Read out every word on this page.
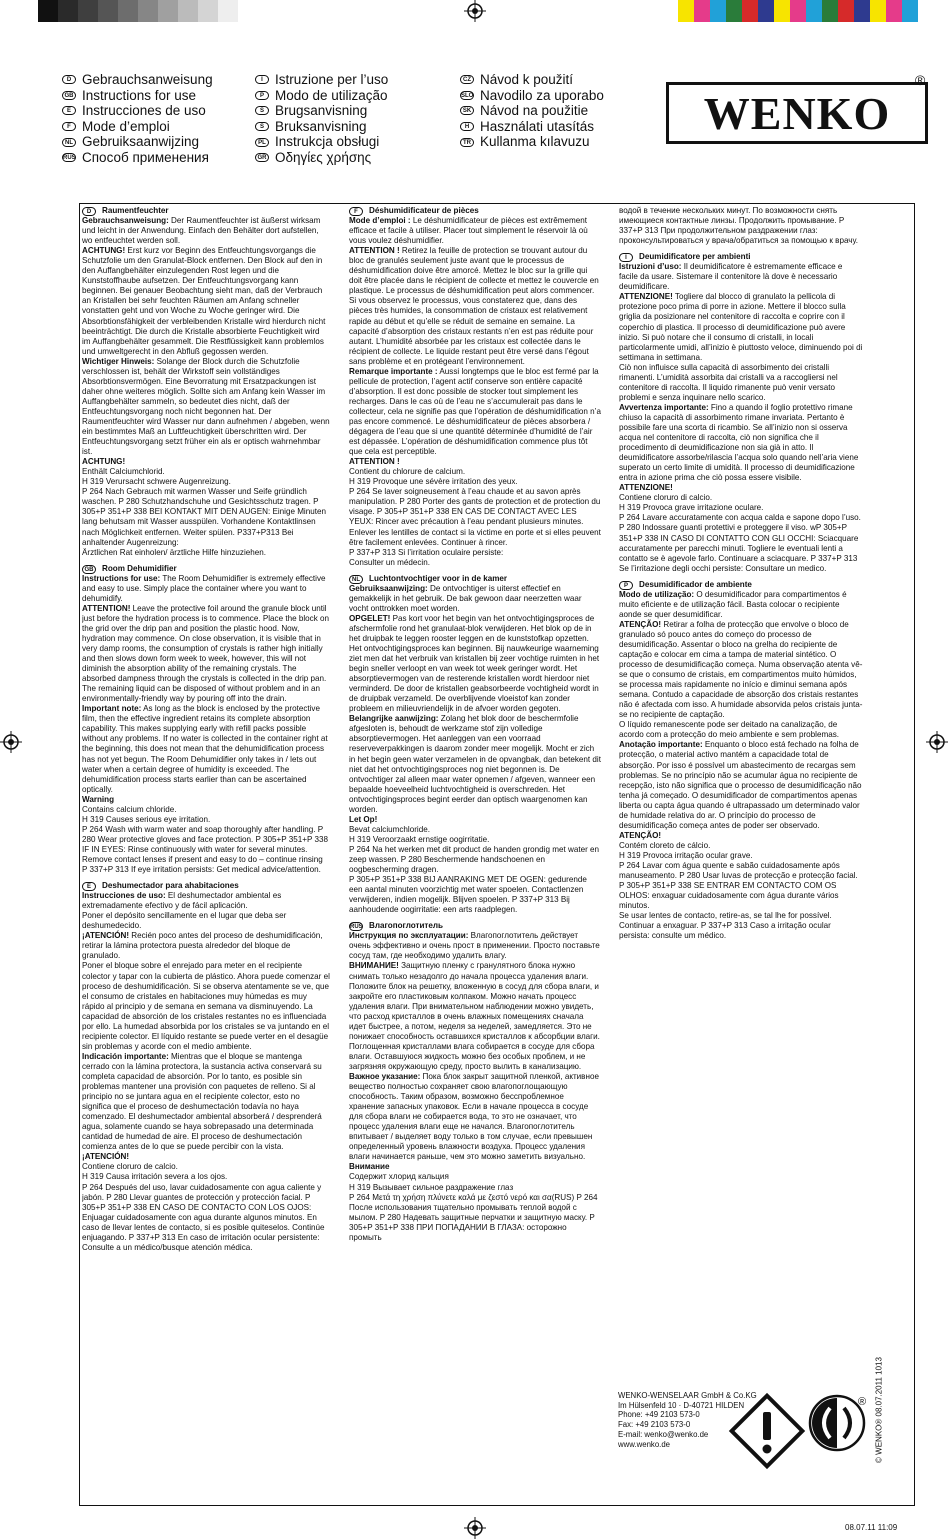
D Gebrauchsanweisung
GB Instructions for use
E Instrucciones de uso
F Mode d’emploi
NL Gebruiksaanwijzing
RUS Способ применения
I Istruzione per l’uso
P Modo de utilização
S Brugsanvisning
S Bruksanvisning
PL Instrukcja obsługi
GR Οδηγίες χρήσης
CZ Návod k použití
SLO Navodilo za uporabo
SK Návod na použitie
H Használati utasítás
TR Kullanma kılavuzu
WENKO
®
D Raumentfeuchter
Gebrauchsanweisung: Der Raumentfeuchter ist äußerst wirksam und leicht in der Anwendung. Einfach den Behälter dort aufstellen, wo entfeuchtet werden soll.
ACHTUNG! Erst kurz vor Beginn des Entfeuchtungsvorgangs die Schutzfolie um den Granulat-Block entfernen. Den Block auf den in den Auffangbehälter einzulegenden Rost legen und die Kunststoffhaube aufsetzen. Der Entfeuchtungsvorgang kann beginnen. Bei genauer Beobachtung sieht man, daß der Verbrauch an Kristallen bei sehr feuchten Räumen am Anfang schneller vonstatten geht und von Woche zu Woche geringer wird. Die Absorbtionsfähigkeit der verbleibenden Kristalle wird hierdurch nicht beeinträchtigt. Die durch die Kristalle absorbierte Feuchtigkeit wird im Auffangbehälter gesammelt. Die Restflüssigkeit kann problemlos und umweltgerecht in den Abfluß gegossen werden.
Wichtiger Hinweis: Solange der Block durch die Schutzfolie verschlossen ist, behält der Wirkstoff sein vollständiges Absorbtionsvermögen. Eine Bevorratung mit Ersatzpackungen ist daher ohne weiteres möglich. Sollte sich am Anfang kein Wasser im Auffangbehälter sammeln, so bedeutet dies nicht, daß der Entfeuchtungsvorgang noch nicht begonnen hat. Der Raumentfeuchter wird Wasser nur dann aufnehmen / abgeben, wenn ein bestimmtes Maß an Luftfeuchtigkeit überschritten wird. Der Entfeuchtungsvorgang setzt früher ein als er optisch wahrnehmbar ist.
ACHTUNG!
Enthält Calciumchlorid.
H 319 Verursacht schwere Augenreizung.
P 264 Nach Gebrauch mit warmen Wasser und Seife gründlich waschen. P 280 Schutzhandschuhe und Gesichtsschutz tragen. P 305+P 351+P 338 BEI KONTAKT MIT DEN AUGEN: Einige Minuten lang behutsam mit Wasser ausspülen. Vorhandene Kontaktlinsen nach Möglichkeit entfernen. Weiter spülen. P337+P313 Bei anhaltender Augenreizung:
Ärztlichen Rat einholen/ ärztliche Hilfe hinzuziehen.
GB Room Dehumidifier
Instructions for use: The Room Dehumidifier is extremely effective and easy to use. Simply place the container where you want to dehumidify.
ATTENTION! Leave the protective foil around the granule block until just before the hydration process is to commence. Place the block on the grid over the drip pan and position the plastic hood. Now, hydration may commence. On close observation, it is visible that in very damp rooms, the consumption of crystals is rather high initially and then slows down form week to week, however, this will not diminish the absorption ability of the remaining crystals. The absorbed dampness through the crystals is collected in the drip pan. The remaining liquid can be disposed of without problem and in an environmentally-friendly way by pouring off into the drain.
Important note: As long as the block is enclosed by the protective film, then the effective ingredient retains its complete absorption capability. This makes supplying early with refill packs possible without any problems. If no water is collected in the container right at the beginning, this does not mean that the dehumidification process has not yet begun. The Room Dehumidifier only takes in / lets out water when a certain degree of humidity is exceeded. The dehumidification process starts earlier than can be ascertained optically.
Warning
Contains calcium chloride.
H 319 Causes serious eye irritation.
P 264 Wash with warm water and soap thoroughly after handling. P 280 Wear protective gloves and face protection. P 305+P 351+P 338 IF IN EYES: Rinse continuously with water for several minutes.
Remove contact lenses if present and easy to do – continue rinsing P 337+P 313 If eye irritation persists: Get medical advice/attention.
E Deshumectador para ahabitaciones
Instrucciones de uso: El deshumectador ambiental es extremadamente efectivo y de fácil aplicación.
Poner el depósito sencillamente en el lugar que deba ser deshumedecido.
¡ATENCIÓN! Recién poco antes del proceso de deshumidificación, retirar la lámina protectora puesta alrededor del bloque de granulado.
Poner el bloque sobre el enrejado para meter en el recipiente colector y tapar con la cubierta de plástico. Ahora puede comenzar el proceso de deshumidificación. Si se observa atentamente se ve, que el consumo de cristales en habitaciones muy húmedas es muy rápido al principio y de semana en semana va disminuyendo. La capacidad de absorción de los cristales restantes no es influenciada por ello. La humedad absorbida por los cristales se va juntando en el recipiente colector. El líquido restante se puede verter en el desagüe sin problemas y acorde con el medio ambiente.
Indicación importante: Mientras que el bloque se mantenga cerrado con la lámina protectora, la sustancia activa conservará su completa capacidad de absorción. Por lo tanto, es posible sin problemas mantener una provisión con paquetes de relleno. Si al principio no se juntara agua en el recipiente colector, esto no significa que el proceso de deshumectación todavía no haya comenzado. El deshumectador ambiental absorberá / desprenderá agua, solamente cuando se haya sobrepasado una determinada cantidad de humedad de aire. El proceso de deshumectación comienza antes de lo que se puede percibir con la vista.
¡ATENCIÓN!
Contiene cloruro de calcio.
H 319 Causa irritación severa a los ojos.
P 264 Después del uso, lavar cuidadosamente con agua caliente y jabón. P 280 Llevar guantes de protección y protección facial. P 305+P 351+P 338 EN CASO DE CONTACTO CON LOS OJOS: Enjuagar cuidadosamente con agua durante algunos minutos. En caso de llevar lentes de contacto, si es posible quiteselos. Continúe enjuagando. P 337+P 313 En caso de irritación ocular persistente: Consulte a un médico/busque atención médica.
F Déshumidificateur de pièces
Mode d’emploi : Le déshumidificateur de pièces est extrêmement efficace et facile à utiliser. Placer tout simplement le réservoir là où vous voulez déshumidifier.
ATTENTION ! Retirez la feuille de protection se trouvant autour du bloc de granulés seulement juste avant que le processus de déshumidification doive être amorcé. Mettez le bloc sur la grille qui doit être placée dans le récipient de collecte et mettez le couvercle en plastique. Le processus de déshumidification peut alors commencer. Si vous observez le processus, vous constaterez que, dans des pièces très humides, la consommation de cristaux est relativement rapide au début et qu’elle se réduit de semaine en semaine. La capacité d’absorption des cristaux restants n’en est pas réduite pour autant. L’humidité absorbée par les cristaux est collectée dans le récipient de collecte. Le liquide restant peut être versé dans l’égout sans problème et en protégeant l’environnement.
Remarque importante : Aussi longtemps que le bloc est fermé par la pellicule de protection, l’agent actif conserve son entière capacité d’absorption. Il est donc possible de stocker tout simplement les recharges. Dans le cas où de l’eau ne s’accumulerait pas dans le collecteur, cela ne signifie pas que l’opération de déshumidification n’a pas encore commencé. Le déshumidificateur de pièces absorbera / dégagera de l’eau que si une quantité déterminée d’humidité de l’air est dépassée. L’opération de déshumidification commence plus tôt que cela est perceptible.
ATTENTION !
Contient du chlorure de calcium.
H 319 Provoque une sévère irritation des yeux.
P 264 Se laver soigneusement à l’eau chaude et au savon après manipulation. P 280 Porter des gants de protection et de protection du visage. P 305+P 351+P 338 EN CAS DE CONTACT AVEC LES YEUX: Rincer avec précaution à l’eau pendant plusieurs minutes. Enlever les lentilles de contact si la victime en porte et si elles peuvent être facilement enlevées. Continuer à rincer.
P 337+P 313 Si l’irritation oculaire persiste:
Consulter un médecin.
NL Luchtontvochtiger voor in de kamer
Gebruiksaanwijzing: De ontvochtiger is uiterst effectief en gemakkelijk in het gebruik. De bak gewoon daar neerzetten waar vocht onttrokken moet worden.
OPGELET! Pas kort voor het begin van het ontvochtigingsproces de afschermfolie rond het granulaat-blok verwijderen. Het blok op de in het druipbak te leggen rooster leggen en de kunststofkap opzetten. Het ontvochtigingsproces kan beginnen. Bij nauwkeurige waarneming ziet men dat het verbruik van kristallen bij zeer vochtige ruimten in het begin sneller verloopt en van week tot week geringer wordt. Het absorptievermogen van de resterende kristallen wordt hierdoor niet verminderd. De door de kristallen geabsorbeerde vochtigheid wordt in de druipbak verzameld. De overblijvende vloeistof kan zonder probleem en milieuvriendelijk in de afvoer worden gegoten.
Belangrijke aanwijzing: Zolang het blok door de beschermfolie afgesloten is, behoudt de werkzame stof zijn volledige absorptievermogen. Het aanleggen van een voorraad reserveverpakkingen is daarom zonder meer mogelijk. Mocht er zich in het begin geen water verzamelen in de opvangbak, dan betekent dit niet dat het ontvochtigingsproces nog niet begonnen is. De ontvochtiger zal alleen maar water opnemen / afgeven, wanneer een bepaalde hoeveelheid luchtvochtigheid is overschreden. Het ontvochtigingsproces begint eerder dan optisch waargenomen kan worden.
Let Op!
Bevat calciumchloride.
H 319 Veroorzaakt ernstige oogirritatie.
P 264 Na het werken met dit product de handen grondig met water en zeep wassen. P 280 Beschermende handschoenen en oogbescherming dragen.
P 305+P 351+P 338 BIJ AANRAKING MET DE OGEN: gedurende een aantal minuten voorzichtig met water spoelen. Contactlenzen verwijderen, indien mogelijk. Blijven spoelen. P 337+P 313 Bij aanhoudende oogirritatie: een arts raadplegen.
RUS Влагопоглотитель
Инструкция по эксплуатации: Влагопоглотитель действует очень эффективно и очень прост в применении. Просто поставьте сосуд там, где необходимо удалить влагу.
ВНИМАНИЕ! Защитную пленку с гранулятного блока нужно снимать только незадолго до начала процесса удаления влаги. Положите блок на решетку, вложенную в сосуд для сбора влаги, и закройте его пластиковым колпаком. Можно начать процесс удаления влаги. При внимательном наблюдении можно увидеть, что расход кристаллов в очень влажных помещениях сначала идет быстрее, а потом, неделя за неделей, замедляется. Это не понижает способность оставшихся кристаллов к абсорбции влаги. Поглощенная кристаллами влага собирается в сосуде для сбора влаги. Оставшуюся жидкость можно без особых проблем, и не загрязняя окружающую среду, просто вылить в канализацию.
Важное указание: Пока блок закрыт защитной пленкой, активное вещество полностью сохраняет свою влагопоглощающую способность. Таким образом, возможно бесспроблемное хранение запасных упаковок. Если в начале процесса в сосуде для сбора влаги не собирается вода, то это не означает, что процесс удаления влаги еще не начался. Влагопоглотитель впитывает / выделяет воду только в том случае, если превышен определенный уровень влажности воздуха. Процесс удаления влаги начинается раньше, чем это можно заметить визуально.
Внимание
Содержит хлорид кальция
H 319 Вызывает сильное раздражение глаз
P 264 Μετά τη χρήση πλύνετε καλά με ζεστό νερό και σα(RUS) P 264 После использования тщательно промывать теплой водой с мылом. P 280 Надевать защитные перчатки и защитную маску. P 305+P 351+P 338 ПРИ ПОПАДАНИИ В ГЛАЗА: осторожно промыть
водой в течение нескольких минут. По возможности снять имеющиеся контактные линзы. Продолжить промывание. P 337+P 313 При продолжительном раздражении глаз: проконсультироваться у врача/обратиться за помощью к врачу.
I Deumidificatore per ambienti
Istruzioni d’uso: Il deumidificatore è estremamente efficace e facile da usare. Sistemare il contenitore là dove è necessario deumidificare.
ATTENZIONE! Togliere dal blocco di granulato la pellicola di protezione poco prima di porre in azione. Mettere il blocco sulla griglia da posizionare nel contenitore di raccolta e coprire con il coperchio di plastica. Il processo di deumidificazione può avere inizio. Si può notare che il consumo di cristalli, in locali particolarmente umidi, all’inizio è piuttosto veloce, diminuendo poi di settimana in settimana.
Ciò non influisce sulla capacità di assorbimento dei cristalli rimanenti. L’umidità assorbita dai cristalli va a raccogliersi nel contenitore di raccolta. Il liquido rimanente può venir versato problemi e senza inquinare nello scarico.
Avvertenza importante: Fino a quando il foglio protettivo rimane chiuso la capacità di assorbimento rimane invariata. Pertanto è possibile fare una scorta di ricambio. Se all’inizio non si osserva acqua nel contenitore di raccolta, ciò non significa che il procedimento di deumidificazione non sia già in atto. Il deumidificatore assorbe/rilascia l’acqua solo quando nell’aria viene superato un certo limite di umidità. Il processo di deumidificazione entra in azione prima che ciò possa essere visibile.
ATTENZIONE!
Contiene cloruro di calcio.
H 319 Provoca grave irritazione oculare.
P 264 Lavare accuratamente con acqua calda e sapone dopo l’uso. P 280 Indossare guanti protettivi e proteggere il viso. wP 305+P 351+P 338 IN CASO DI CONTATTO CON GLI OCCHI: Sciacquare accuratamente per parecchi minuti. Togliere le eventuali lenti a contatto se è agevole farlo. Continuare a sciacquare. P 337+P 313 Se l’irritazione degli occhi persiste: Consultare un medico.
P Desumidificador de ambiente
Modo de utilização: O desumidificador para compartimentos é muito eficiente e de utilização fácil. Basta colocar o recipiente aonde se quer desumidificar.
ATENÇÃO! Retirar a folha de protecção que envolve o bloco de granulado só pouco antes do começo do processo de desumidificação. Assentar o bloco na grelha do recipiente de captação e colocar em cima a tampa de material sintético. O processo de desumidificação começa. Numa observação atenta vê-se que o consumo de cristais, em compartimentos muito húmidos, se processa mais rapidamente no início e diminui semana após semana. Contudo a capacidade de absorção dos cristais restantes não é afectada com isso. A humidade absorvida pelos cristais junta-se no recipiente de captação.
O líquido remanescente pode ser deitado na canalização, de acordo com a protecção do meio ambiente e sem problemas.
Anotação importante: Enquanto o bloco está fechado na folha de protecção, o material activo mantém a capacidade total de absorção. Por isso é possível um abastecimento de recargas sem problemas. Se no princípio não se acumular água no recipiente de recepção, isto não significa que o processo de desumidificação não tenha já começado. O desumidificador de compartimentos apenas liberta ou capta água quando é ultrapassado um determinado valor de humidade relativa do ar. O princípio do processo de desumidificação começa antes de poder ser observado.
ATENÇÃO!
Contém cloreto de cálcio.
H 319 Provoca irritação ocular grave.
P 264 Lavar com água quente e sabão cuidadosamente após manuseamento. P 280 Usar luvas de protecção e protecção facial. P 305+P 351+P 338 SE ENTRAR EM CONTACTO COM OS OLHOS: enxaguar cuidadosamente com água durante vários minutos.
Se usar lentes de contacto, retire-as, se tal lhe for possível. Continuar a enxaguar. P 337+P 313 Caso a irritação ocular persista: consulte um médico.
WENKO-WENSELAAR GmbH & Co.KG
Im Hülsenfeld 10 · D-40721 HILDEN
Phone: +49 2103 573-0
Fax: +49 2103 573-0
E-mail: wenko@wenko.de
www.wenko.de
® © WENKO® 08.07.2011 1013
08.07.11 11:09
